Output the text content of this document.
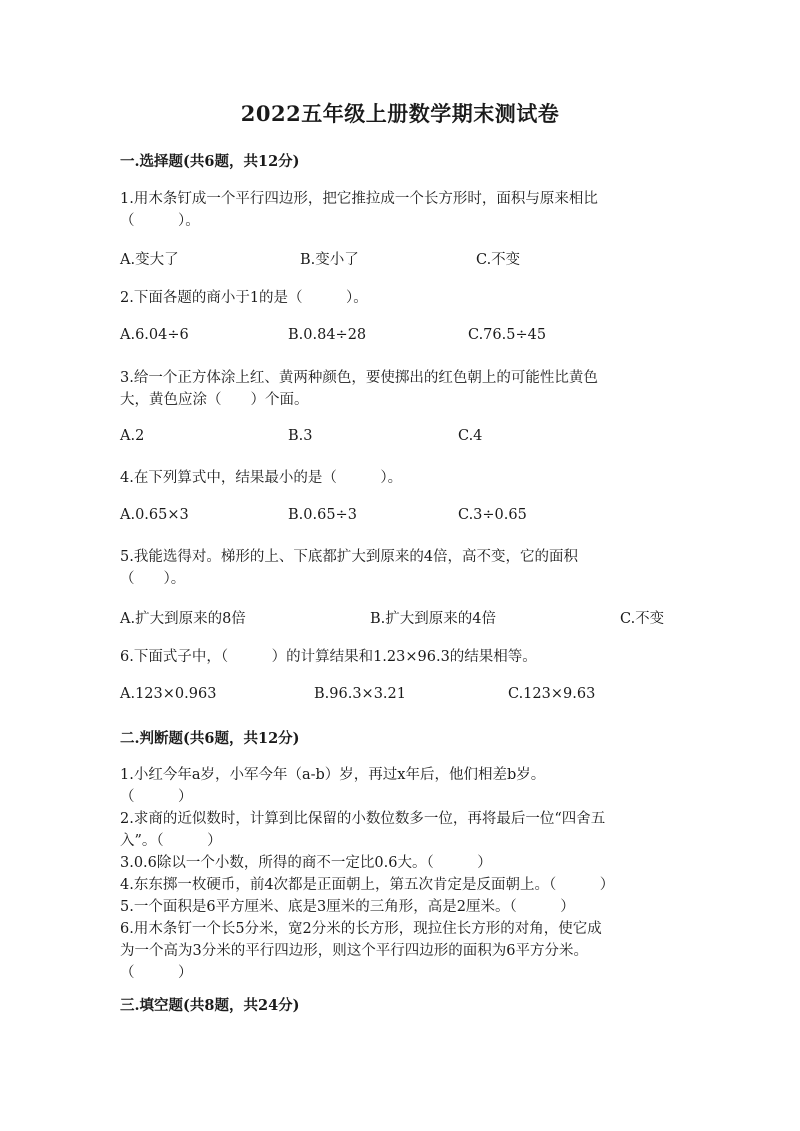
2022五年级上册数学期末测试卷
一.选择题(共6题，共12分)
1.用木条钉成一个平行四边形，把它推拉成一个长方形时，面积与原来相比
（　　　）。
A.变大了	B.变小了	C.不变
2.下面各题的商小于1的是（　　　）。
A.6.04÷6	B.0.84÷28	C.76.5÷45
3.给一个正方体涂上红、黄两种颜色，要使掷出的红色朝上的可能性比黄色
大，黄色应涂（　　）个面。
A.2	B.3	C.4
4.在下列算式中，结果最小的是（　　　）。
A.0.65×3	B.0.65÷3	C.3÷0.65
5.我能选得对。梯形的上、下底都扩大到原来的4倍，高不变，它的面积
（　　）。
A.扩大到原来的8倍	B.扩大到原来的4倍	C.不变
6.下面式子中，（　　　）的计算结果和1.23×96.3的结果相等。
A.123×0.963	B.96.3×3.21	C.123×9.63
二.判断题(共6题，共12分)
1.小红今年a岁，小军今年（a-b）岁，再过x年后，他们相差b岁。
（　　　）
2.求商的近似数时，计算到比保留的小数位数多一位，再将最后一位“四舍五
入”。（　　　）
3.0.6除以一个小数，所得的商不一定比0.6大。（　　　）
4.东东掷一枚硬币，前4次都是正面朝上，第五次肯定是反面朝上。（　　　）
5.一个面积是6平方厘米、底是3厘米的三角形，高是2厘米。（　　　）
6.用木条钉一个长5分米，宽2分米的长方形，现拉住长方形的对角，使它成
为一个高为3分米的平行四边形，则这个平行四边形的面积为6平方分米。
（　　　）
三.填空题(共8题，共24分)
